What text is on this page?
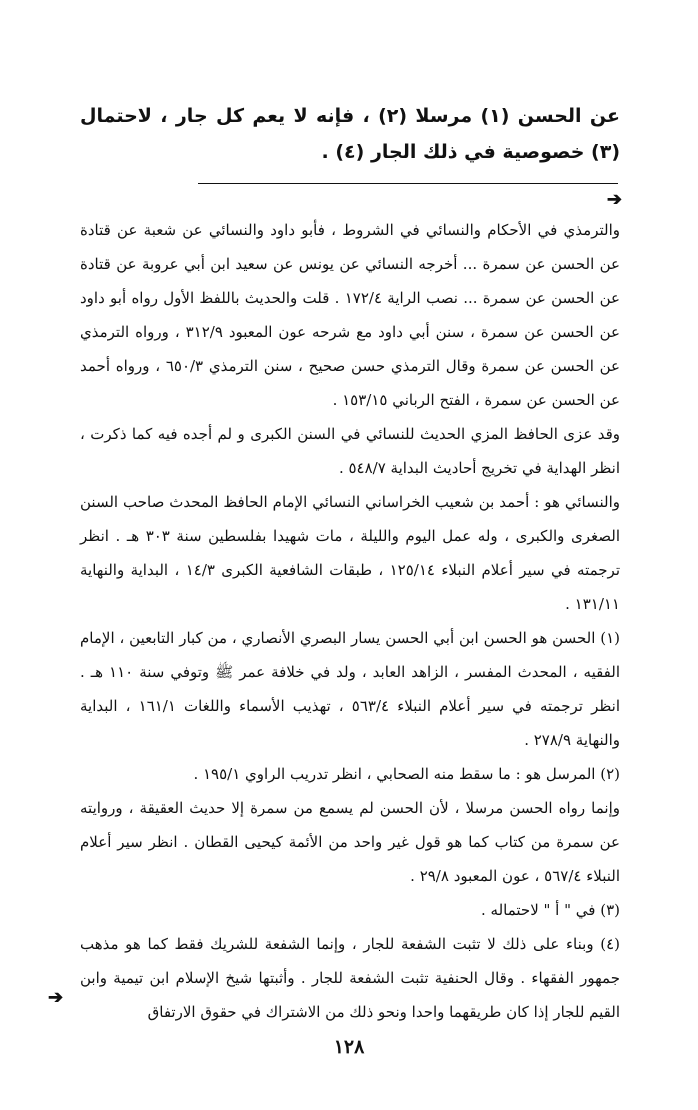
عن الحسن (١) مرسلا (٢) ، فإنه لا يعم كل جار ، لاحتمال (٣) خصوصية في ذلك الجار (٤) .
➔

والترمذي في الأحكام والنسائي في الشروط ، فأبو داود والنسائي عن شعبة عن قتادة عن الحسن عن سمرة ... أخرجه النسائي عن يونس عن سعيد ابن أبي عروبة عن قتادة عن الحسن عن سمرة ... نصب الراية ١٧٢/٤ . قلت والحديث باللفظ الأول رواه أبو داود عن الحسن عن سمرة ، سنن أبي داود مع شرحه عون المعبود ٣١٢/٩ ، ورواه الترمذي عن الحسن عن سمرة وقال الترمذي حسن صحيح ، سنن الترمذي ٦٥٠/٣ ، ورواه أحمد عن الحسن عن سمرة ، الفتح الرباني ١٥٣/١٥ .

وقد عزى الحافظ المزي الحديث للنسائي في السنن الكبرى و لم أجده فيه كما ذكرت ، انظر الهداية في تخريج أحاديث البداية ٥٤٨/٧ .

والنسائي هو : أحمد بن شعيب الخراساني النسائي الإمام الحافظ المحدث صاحب السنن الصغرى والكبرى ، وله عمل اليوم والليلة ، مات شهيدا بفلسطين سنة ٣٠٣ هـ . انظر ترجمته في سير أعلام النبلاء ١٢٥/١٤ ، طبقات الشافعية الكبرى ١٤/٣ ، البداية والنهاية ١٣١/١١ .

(١) الحسن هو الحسن ابن أبي الحسن يسار البصري الأنصاري ، من كبار التابعين ، الإمام الفقيه ، المحدث المفسر ، الزاهد العابد ، ولد في خلافة عمر ﷺ وتوفي سنة ١١٠ هـ . انظر ترجمته في سير أعلام النبلاء ٥٦٣/٤ ، تهذيب الأسماء واللغات ١٦١/١ ، البداية والنهاية ٢٧٨/٩ .

(٢) المرسل هو : ما سقط منه الصحابي ، انظر تدريب الراوي ١٩٥/١ .

وإنما رواه الحسن مرسلا ، لأن الحسن لم يسمع من سمرة إلا حديث العقيقة ، وروايته عن سمرة من كتاب كما هو قول غير واحد من الأئمة كيحيى القطان . انظر سير أعلام النبلاء ٥٦٧/٤ ، عون المعبود ٢٩/٨ .

(٣) في " أ " لاحتماله .

(٤) وبناء على ذلك لا تثبت الشفعة للجار ، وإنما الشفعة للشريك فقط كما هو مذهب جمهور الفقهاء . وقال الحنفية تثبت الشفعة للجار . وأثبتها شيخ الإسلام ابن تيمية وابن القيم للجار إذا كان طريقهما واحدا ونحو ذلك من الاشتراك في حقوق الارتفاق

➔
١٢٨
